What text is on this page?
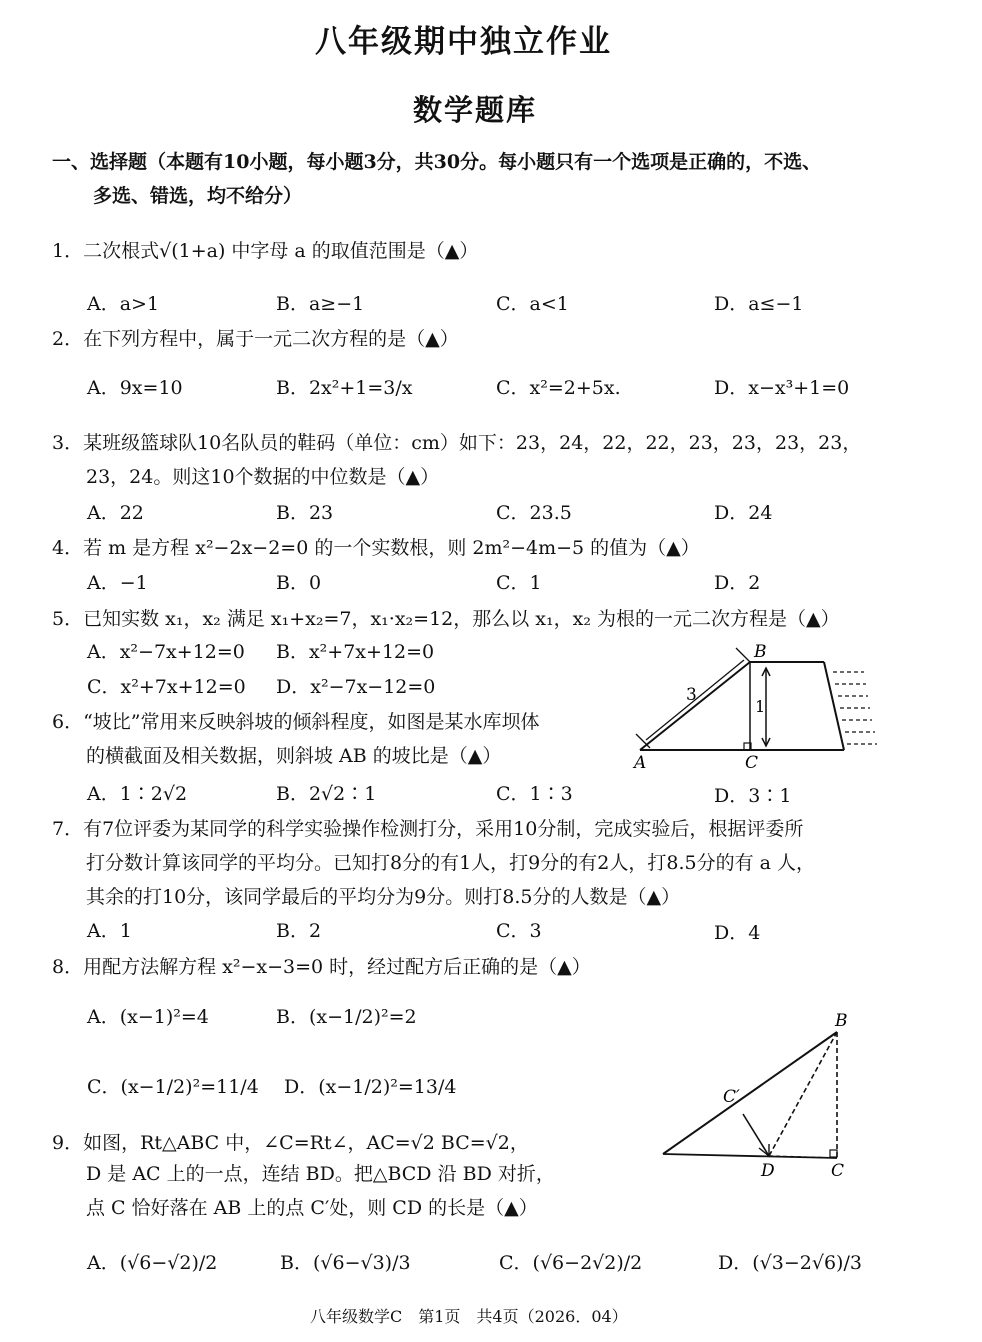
八年级期中独立作业
数学题库
一、选择题（本题有10小题，每小题3分，共30分。每小题只有一个选项是正确的，不选、
多选、错选，均不给分）
1．二次根式√(1+a) 中字母 a 的取值范围是（▲）
A．a>1	B．a≥−1	C．a<1	D．a≤−1
2．在下列方程中，属于一元二次方程的是（▲）
A．9x=10	B．2x²+1=3/x	C．x²=2+5x.	D．x−x³+1=0
3．某班级篮球队10名队员的鞋码（单位：cm）如下：23，24，22，22，23，23，23，23，
23，24。则这10个数据的中位数是（▲）
A．22	B．23	C．23.5	D．24
4．若 m 是方程 x²−2x−2=0 的一个实数根，则 2m²−4m−5 的值为（▲）
A．−1	B．0	C．1	D．2
5．已知实数 x₁，x₂ 满足 x₁+x₂=7，x₁·x₂=12，那么以 x₁，x₂ 为根的一元二次方程是（▲）
A．x²−7x+12=0 B．x²+7x+12=0
C．x²+7x+12=0 D．x²−7x−12=0
6．“坡比”常用来反映斜坡的倾斜程度，如图是某水库坝体
的横截面及相关数据，则斜坡 AB 的坡比是（▲）
A．1∶2√2	B．2√2∶1	C．1∶3	D．3∶1
A
B
C
3
1
7．有7位评委为某同学的科学实验操作检测打分，采用10分制，完成实验后，根据评委所
打分数计算该同学的平均分。已知打8分的有1人，打9分的有2人，打8.5分的有 a 人，
其余的打10分，该同学最后的平均分为9分。则打8.5分的人数是（▲）
A．1	B．2	C．3	D．4
8．用配方法解方程 x²−x−3=0 时，经过配方后正确的是（▲）
A．(x−1)²=4	B．(x−1/2)²=2
C．(x−1/2)²=11/4 D．(x−1/2)²=13/4
B
C′
D	C
9．如图，Rt△ABC 中，∠C=Rt∠，AC=√2 BC=√2，
D 是 AC 上的一点，连结 BD。把△BCD 沿 BD 对折，
点 C 恰好落在 AB 上的点 C′处，则 CD 的长是（▲）
A．(√6−√2)/2	B．(√6−√3)/3	C．(√6−2√2)/2	D．(√3−2√6)/3
八年级数学C　第1页　共4页（2026．04）
